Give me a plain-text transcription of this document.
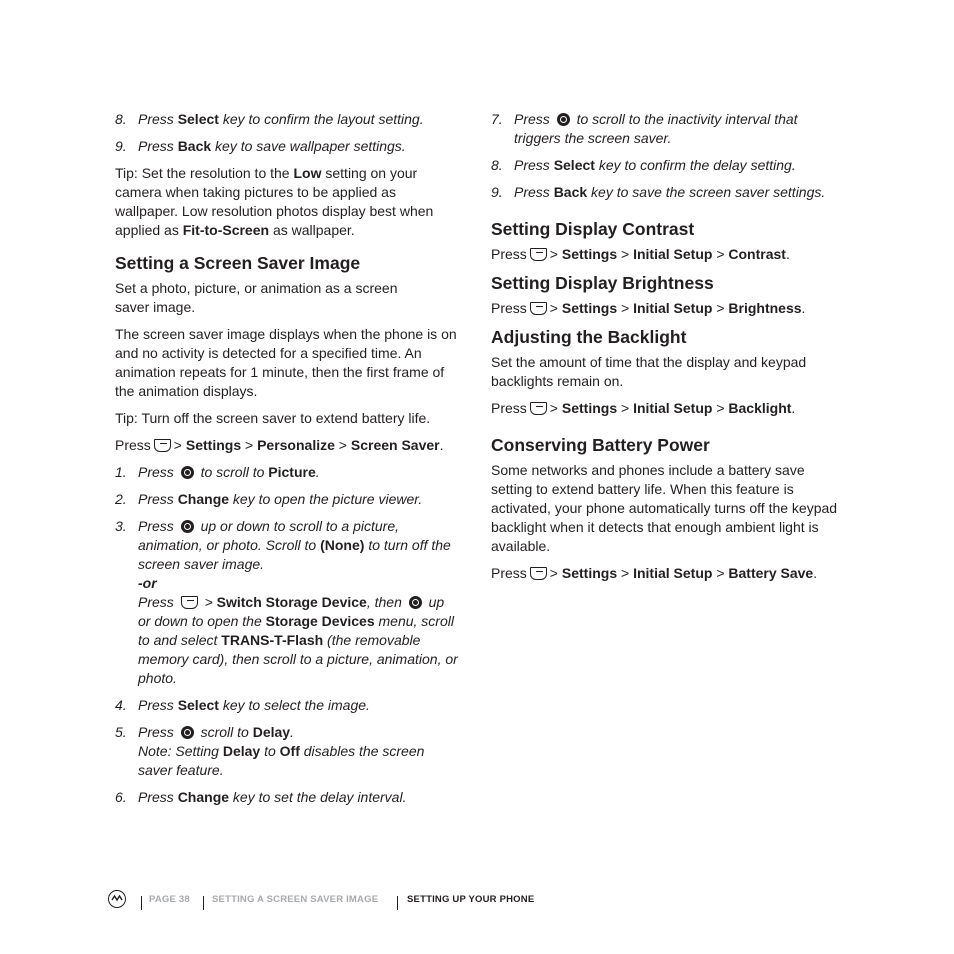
8. Press Select key to confirm the layout setting.
9. Press Back key to save wallpaper settings.
Tip: Set the resolution to the Low setting on your camera when taking pictures to be applied as wallpaper. Low resolution photos display best when applied as Fit-to-Screen as wallpaper.
Setting a Screen Saver Image
Set a photo, picture, or animation as a screen saver image.
The screen saver image displays when the phone is on and no activity is detected for a specified time. An animation repeats for 1 minute, then the first frame of the animation displays.
Tip: Turn off the screen saver to extend battery life.
Press > Settings > Personalize > Screen Saver.
1. Press  to scroll to Picture.
2. Press Change key to open the picture viewer.
3. Press  up or down to scroll to a picture, animation, or photo. Scroll to (None) to turn off the screen saver image.
-or
Press  > Switch Storage Device, then  up or down to open the Storage Devices menu, scroll to and select TRANS-T-Flash (the removable memory card), then scroll to a picture, animation, or photo.
4. Press Select key to select the image.
5. Press  scroll to Delay.
Note: Setting Delay to Off disables the screen saver feature.
6. Press Change key to set the delay interval.
7. Press  to scroll to the inactivity interval that triggers the screen saver.
8. Press Select key to confirm the delay setting.
9. Press Back key to save the screen saver settings.
Setting Display Contrast
Press > Settings > Initial Setup > Contrast.
Setting Display Brightness
Press > Settings > Initial Setup > Brightness.
Adjusting the Backlight
Set the amount of time that the display and keypad backlights remain on.
Press > Settings > Initial Setup > Backlight.
Conserving Battery Power
Some networks and phones include a battery save setting to extend battery life. When this feature is activated, your phone automatically turns off the keypad backlight when it detects that enough ambient light is available.
Press > Settings > Initial Setup > Battery Save.
PAGE 38 SETTING A SCREEN SAVER IMAGE	SETTING UP YOUR PHONE
